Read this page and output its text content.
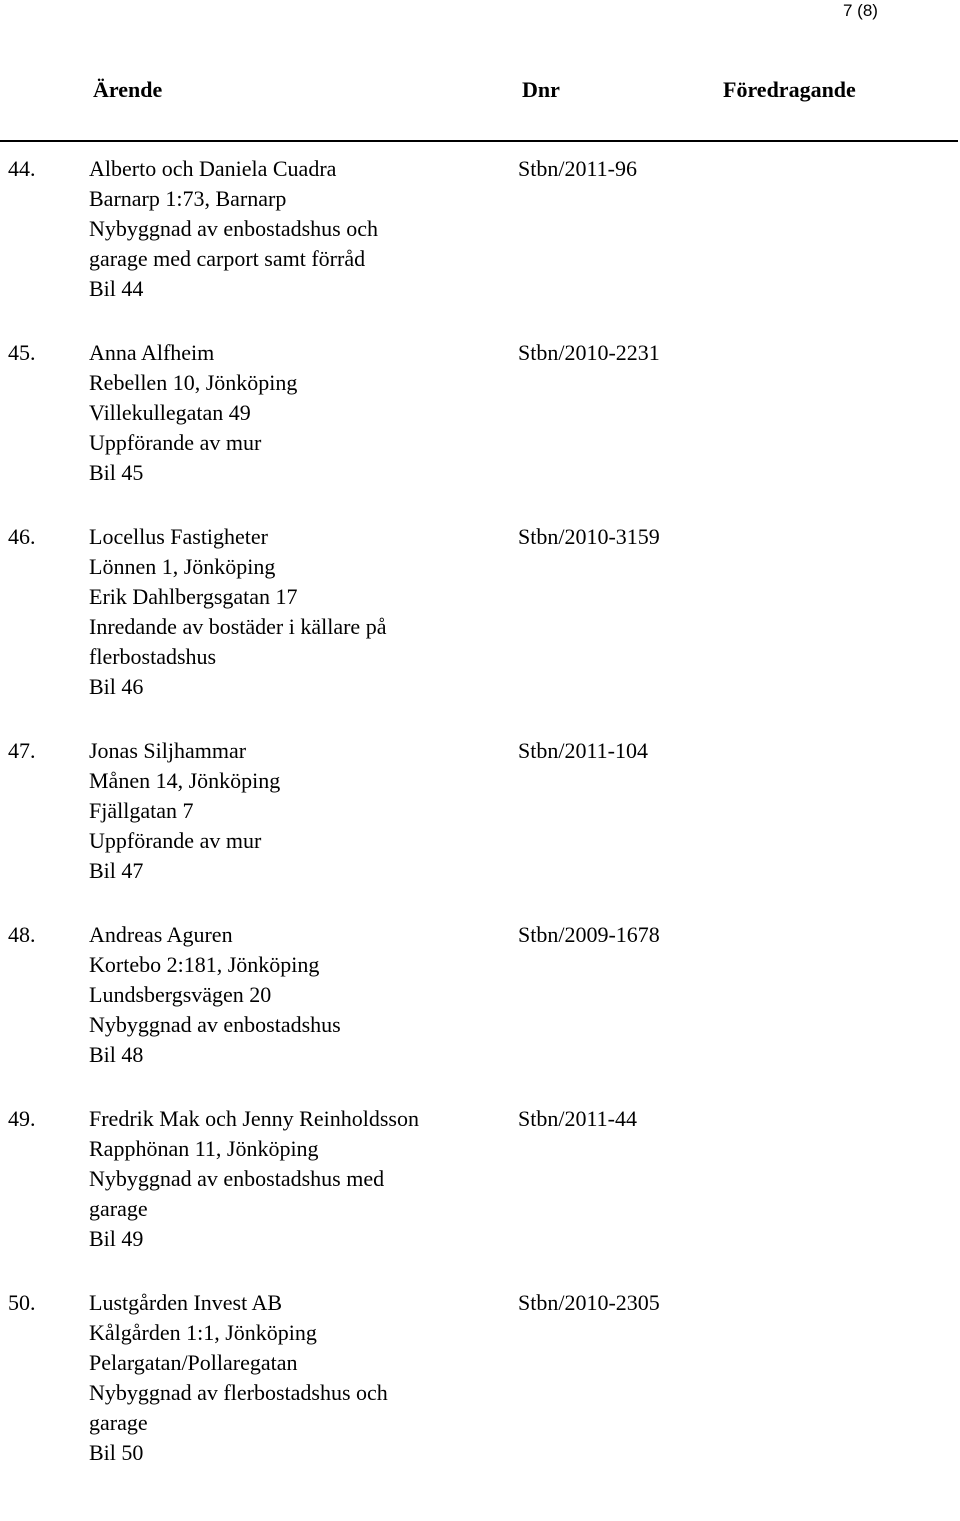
7 (8)
Ärende	Dnr	Föredragande
44. Alberto och Daniela Cuadra
Barnarp 1:73, Barnarp
Nybyggnad av enbostadshus och
garage med carport samt förråd
Bil 44
Stbn/2011-96
45. Anna Alfheim
Rebellen 10, Jönköping
Villekullegatan 49
Uppförande av mur
Bil 45
Stbn/2010-2231
46. Locellus Fastigheter
Lönnen 1, Jönköping
Erik Dahlbergsgatan 17
Inredande av bostäder i källare på
flerbostadshus
Bil 46
Stbn/2010-3159
47. Jonas Siljhammar
Månen 14, Jönköping
Fjällgatan 7
Uppförande av mur
Bil 47
Stbn/2011-104
48. Andreas Aguren
Kortebo 2:181, Jönköping
Lundsbergsvägen 20
Nybyggnad av enbostadshus
Bil 48
Stbn/2009-1678
49. Fredrik Mak och Jenny Reinholdsson
Rapphönan 11, Jönköping
Nybyggnad av enbostadshus med
garage
Bil 49
Stbn/2011-44
50. Lustgården Invest AB
Kålgården 1:1, Jönköping
Pelargatan/Pollaregatan
Nybyggnad av flerbostadshus och
garage
Bil 50
Stbn/2010-2305
